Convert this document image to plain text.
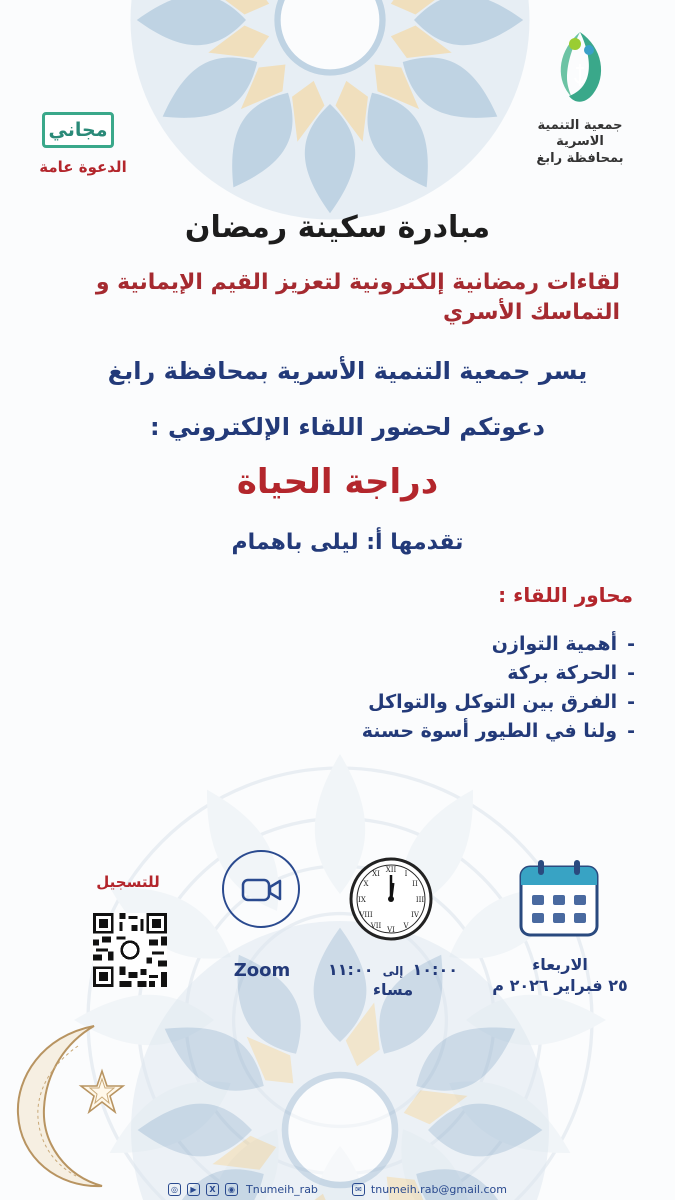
جمعية التنمية الاسرية
بمحافظة رابغ
مجاني
الدعوة عامة
مبادرة سكينة رمضان
لقاءات رمضانية إلكترونية لتعزيز القيم الإيمانية و التماسك الأسري
يسر جمعية التنمية الأسرية بمحافظة رابغ
دعوتكم لحضور اللقاء الإلكتروني :
دراجة الحياة
تقدمها أ: ليلى باهمام
محاور اللقاء :
- أهمية التوازن
- الحركة بركة
- الفرق بين التوكل والتواكل
- ولنا في الطيور أسوة حسنة
الاربعاء
٢٥ فبراير ٢٠٢٦ م
XII I
II
III
IV
V
VI
VII
VIII
IX
X
XI
١١:٠٠ إلى ١٠:٠٠
مساء
Zoom
للتسجيل
◎	▶	X	◉ Tnumeih_rab	✉ tnumeih.rab@gmail.com
